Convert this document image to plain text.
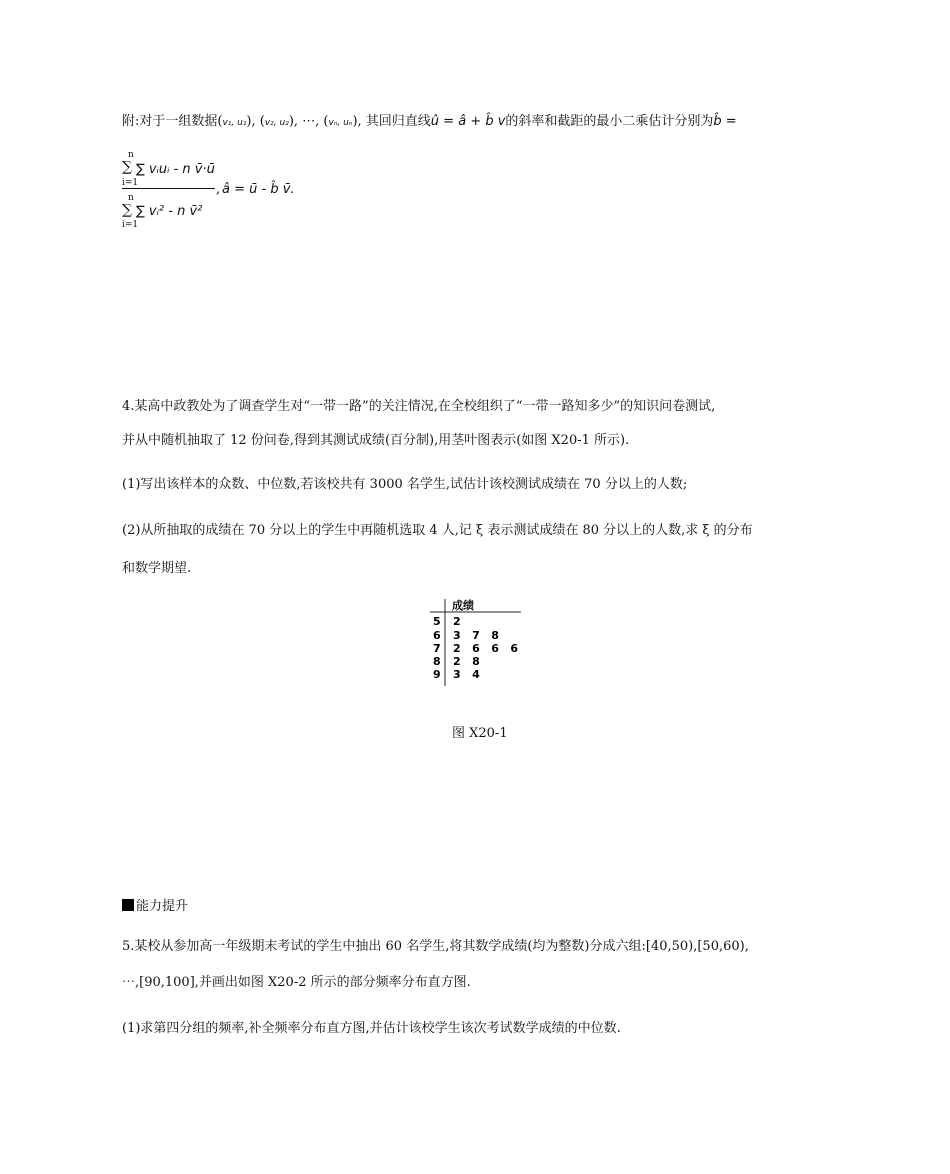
附:对于一组数据(v₁, u₁), (v₂, u₂), ⋯, (vₙ, uₙ), 其回归直线û = â + b̂ v的斜率和截距的最小二乘估计分别为b̂ =
n
∑
i=1
∑ vᵢuᵢ - n v̄·ū
n
∑
i=1
∑ vᵢ² - n v̄²
, â = ū - b̂ v̄.
4.某高中政教处为了调查学生对“一带一路”的关注情况,在全校组织了“一带一路知多少”的知识问卷测试,
并从中随机抽取了 12 份问卷,得到其测试成绩(百分制),用茎叶图表示(如图 X20-1 所示).
(1)写出该样本的众数、中位数,若该校共有 3000 名学生,试估计该校测试成绩在 70 分以上的人数;
(2)从所抽取的成绩在 70 分以上的学生中再随机选取 4 人,记 ξ 表示测试成绩在 80 分以上的人数,求 ξ 的分布
和数学期望.
成绩
5 2
6 3   7   8
7 2   6   6   6
8 2   8
9 3   4
图 X20-1
能力提升
5.某校从参加高一年级期末考试的学生中抽出 60 名学生,将其数学成绩(均为整数)分成六组:[40,50),[50,60),
⋯,[90,100],并画出如图 X20-2 所示的部分频率分布直方图.
(1)求第四分组的频率,补全频率分布直方图,并估计该校学生该次考试数学成绩的中位数.
